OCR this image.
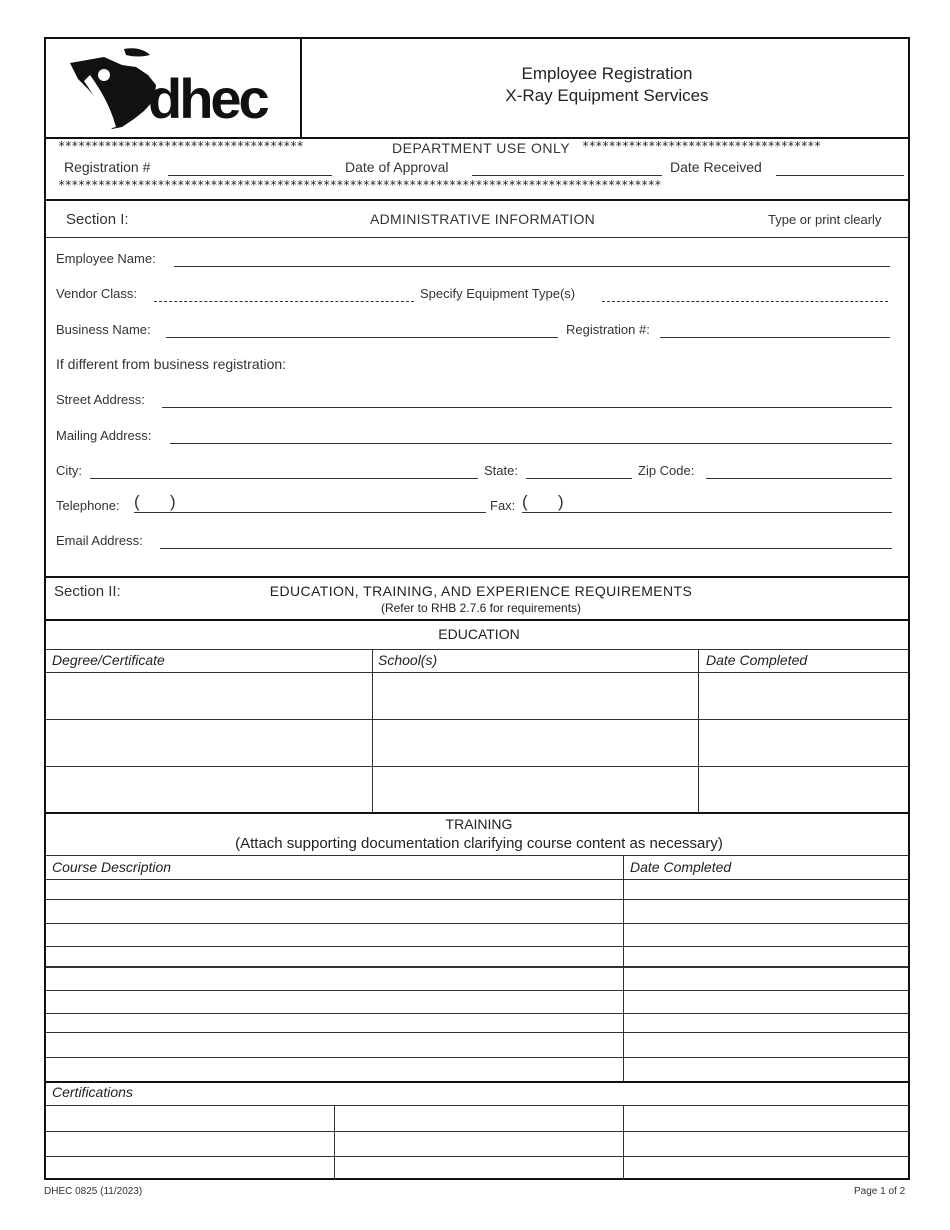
dhec	Employee Registration
X-Ray Equipment Services
*************************************	DEPARTMENT USE ONLY ************************************
Registration #	Date of Approval	Date Received
*******************************************************************************************
Section I:	ADMINISTRATIVE INFORMATION	Type or print clearly
Employee Name:
Vendor Class:	Specify Equipment Type(s)
Business Name:	Registration #:
If different from business registration:
Street Address:
Mailing Address:
City:	State:	Zip Code:
Telephone: ( )	Fax: ( )
Email Address:
Section II:	EDUCATION, TRAINING, AND EXPERIENCE REQUIREMENTS
(Refer to RHB 2.7.6 for requirements)
EDUCATION
Degree/Certificate	School(s)	Date Completed
TRAINING
(Attach supporting documentation clarifying course content as necessary)
Course Description	Date Completed
Certifications
DHEC 0825 (11/2023)	Page 1 of 2
